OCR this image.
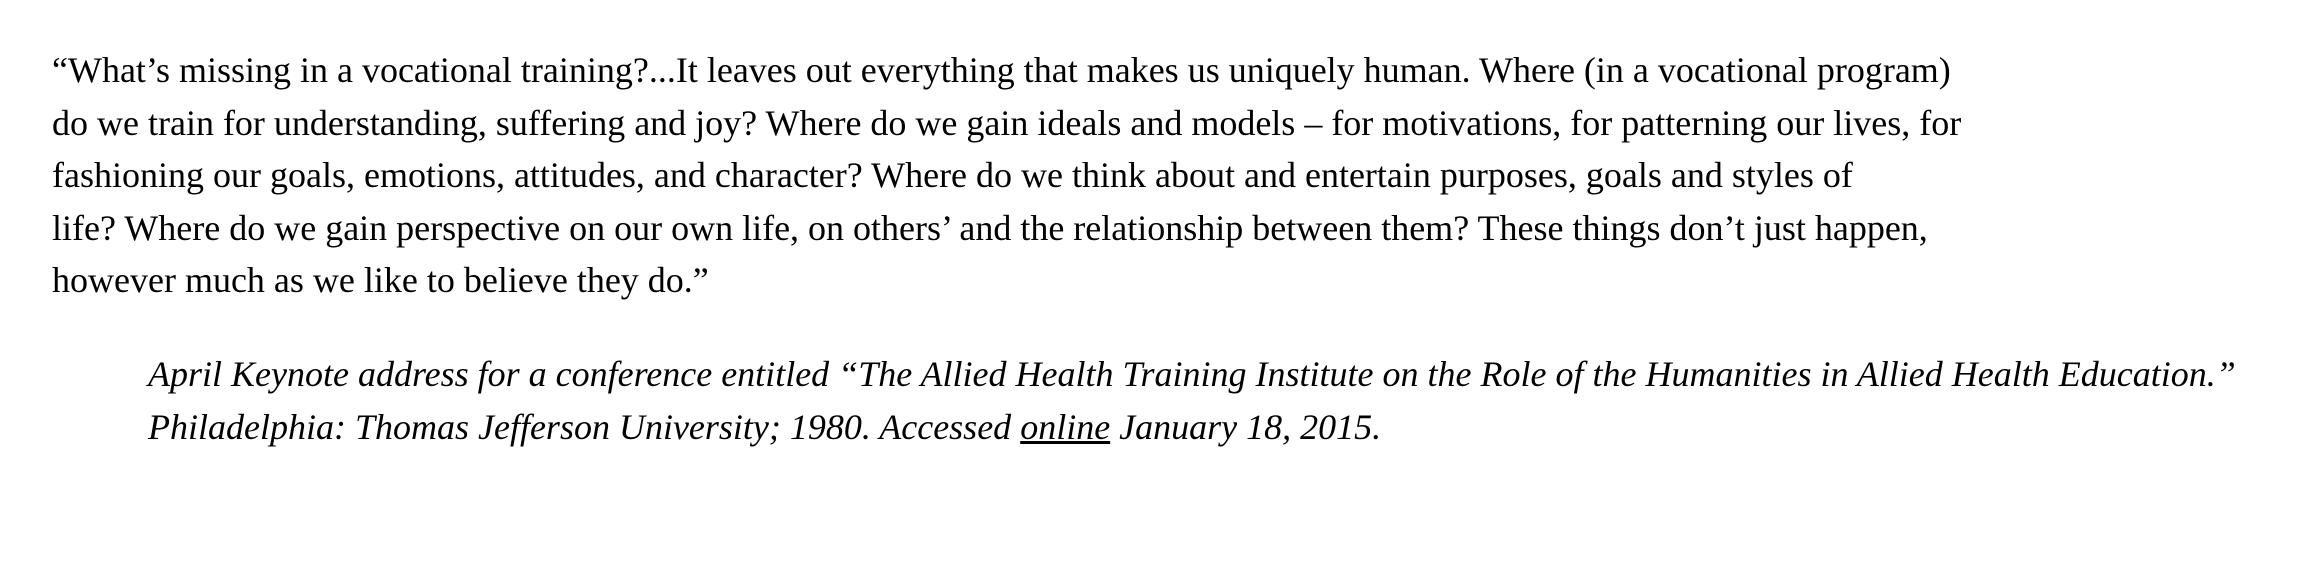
“What’s missing in a vocational training?...It leaves out everything that makes us uniquely human. Where (in a vocational program)
do we train for understanding, suffering and joy? Where do we gain ideals and models – for motivations, for patterning our lives, for
fashioning our goals, emotions, attitudes, and character? Where do we think about and entertain purposes, goals and styles of
life? Where do we gain perspective on our own life, on others’ and the relationship between them? These things don’t just happen,
however much as we like to believe they do.”
April Keynote address for a conference entitled “The Allied Health Training Institute on the Role of the Humanities in Allied Health Education.”
Philadelphia: Thomas Jefferson University; 1980. Accessed online January 18, 2015.
